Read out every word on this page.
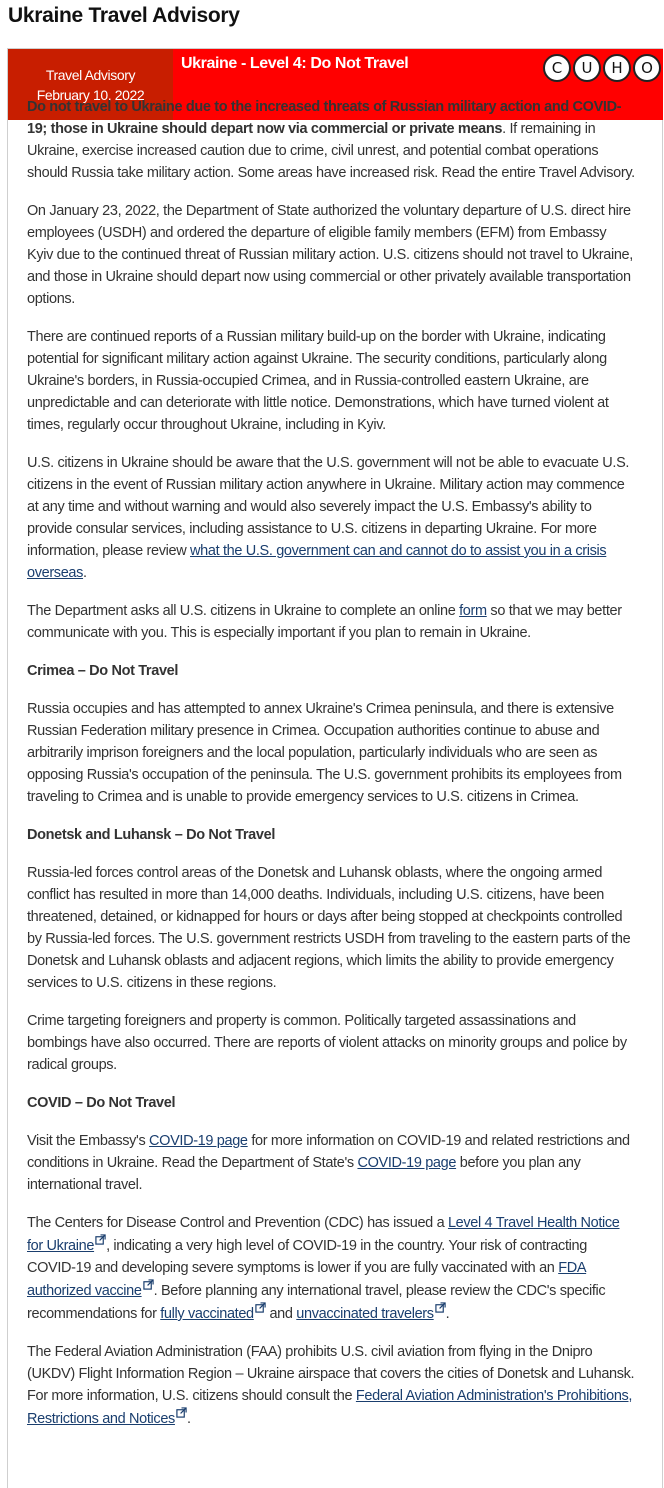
Ukraine Travel Advisory
Travel Advisory
February 10, 2022
Ukraine - Level 4: Do Not Travel	C	U	H	O

Do not travel to Ukraine due to the increased threats of Russian military action and COVID-19; those in Ukraine should depart now via commercial or private means. If remaining in Ukraine, exercise increased caution due to crime, civil unrest, and potential combat operations should Russia take military action. Some areas have increased risk. Read the entire Travel Advisory.

On January 23, 2022, the Department of State authorized the voluntary departure of U.S. direct hire employees (USDH) and ordered the departure of eligible family members (EFM) from Embassy Kyiv due to the continued threat of Russian military action. U.S. citizens should not travel to Ukraine, and those in Ukraine should depart now using commercial or other privately available transportation options.

There are continued reports of a Russian military build-up on the border with Ukraine, indicating potential for significant military action against Ukraine. The security conditions, particularly along Ukraine's borders, in Russia-occupied Crimea, and in Russia-controlled eastern Ukraine, are unpredictable and can deteriorate with little notice. Demonstrations, which have turned violent at times, regularly occur throughout Ukraine, including in Kyiv.

U.S. citizens in Ukraine should be aware that the U.S. government will not be able to evacuate U.S. citizens in the event of Russian military action anywhere in Ukraine. Military action may commence at any time and without warning and would also severely impact the U.S. Embassy's ability to provide consular services, including assistance to U.S. citizens in departing Ukraine. For more information, please review what the U.S. government can and cannot do to assist you in a crisis overseas.

The Department asks all U.S. citizens in Ukraine to complete an online form so that we may better communicate with you. This is especially important if you plan to remain in Ukraine.

Crimea – Do Not Travel

Russia occupies and has attempted to annex Ukraine's Crimea peninsula, and there is extensive Russian Federation military presence in Crimea. Occupation authorities continue to abuse and arbitrarily imprison foreigners and the local population, particularly individuals who are seen as opposing Russia's occupation of the peninsula. The U.S. government prohibits its employees from traveling to Crimea and is unable to provide emergency services to U.S. citizens in Crimea.

Donetsk and Luhansk – Do Not Travel

Russia-led forces control areas of the Donetsk and Luhansk oblasts, where the ongoing armed conflict has resulted in more than 14,000 deaths. Individuals, including U.S. citizens, have been threatened, detained, or kidnapped for hours or days after being stopped at checkpoints controlled by Russia-led forces. The U.S. government restricts USDH from traveling to the eastern parts of the Donetsk and Luhansk oblasts and adjacent regions, which limits the ability to provide emergency services to U.S. citizens in these regions.

Crime targeting foreigners and property is common. Politically targeted assassinations and bombings have also occurred. There are reports of violent attacks on minority groups and police by radical groups.

COVID – Do Not Travel

Visit the Embassy's COVID-19 page for more information on COVID-19 and related restrictions and conditions in Ukraine. Read the Department of State's COVID-19 page before you plan any international travel.

The Centers for Disease Control and Prevention (CDC) has issued a Level 4 Travel Health Notice for Ukraine , indicating a very high level of COVID-19 in the country. Your risk of contracting COVID-19 and developing severe symptoms is lower if you are fully vaccinated with an FDA authorized vaccine . Before planning any international travel, please review the CDC's specific recommendations for fully vaccinated and unvaccinated travelers .

The Federal Aviation Administration (FAA) prohibits U.S. civil aviation from flying in the Dnipro (UKDV) Flight Information Region – Ukraine airspace that covers the cities of Donetsk and Luhansk. For more information, U.S. citizens should consult the Federal Aviation Administration's Prohibitions, Restrictions and Notices .
